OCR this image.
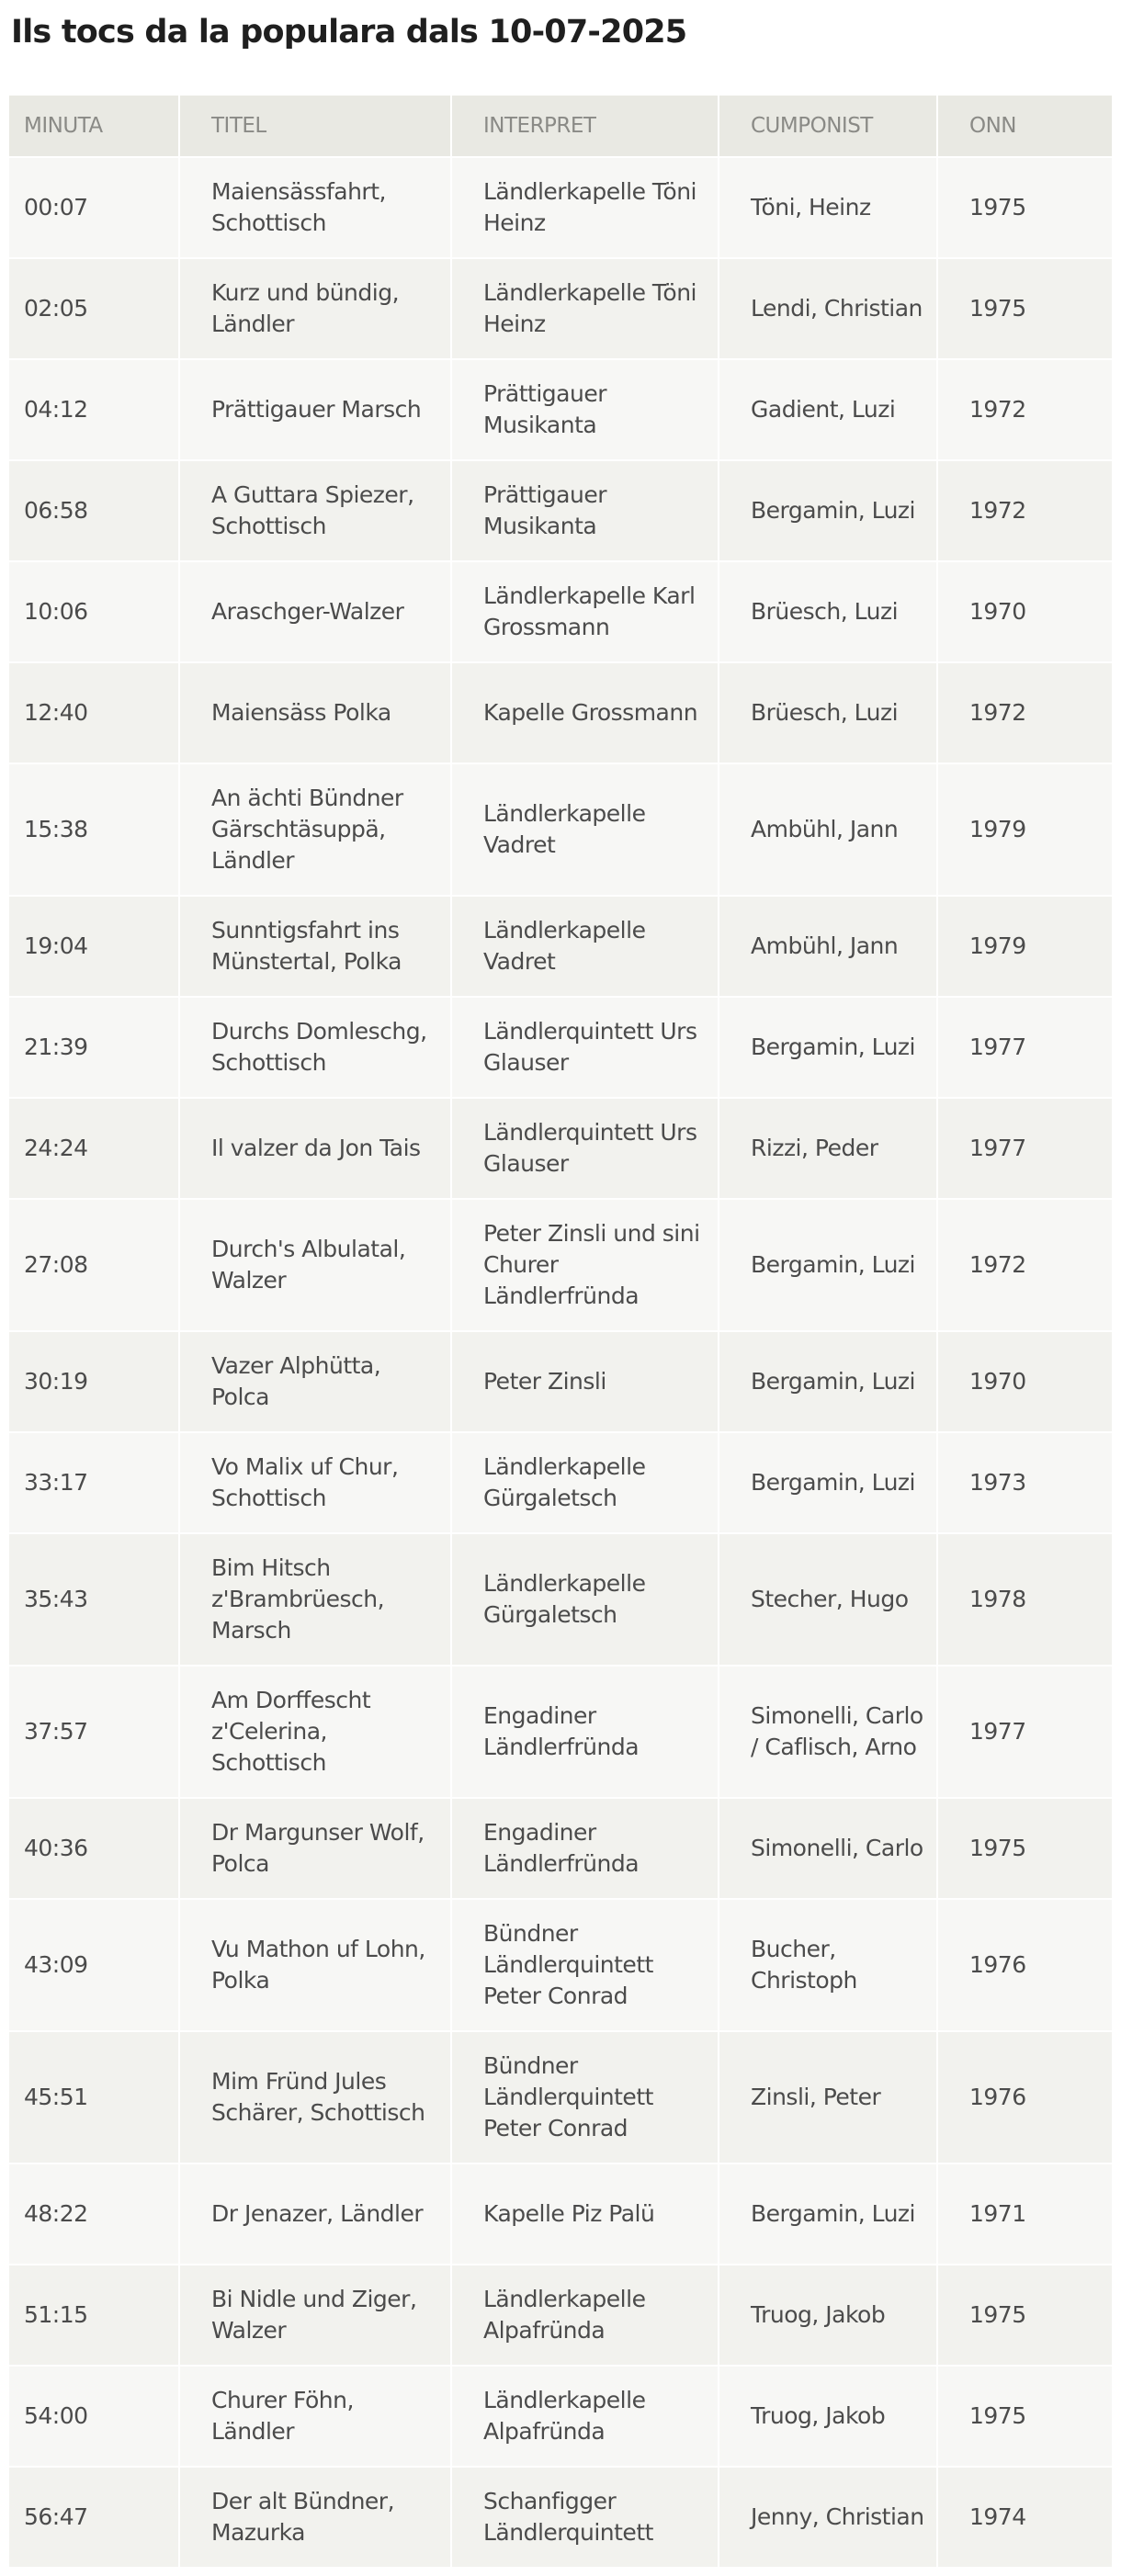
Ils tocs da la populara dals 10-07-2025
MINUTA	TITEL	INTERPRET	CUMPONIST	ONN
00:07	Maiensässfahrt, Schottisch	Ländlerkapelle Töni Heinz	Töni, Heinz	1975
02:05	Kurz und bündig, Ländler	Ländlerkapelle Töni Heinz	Lendi, Christian	1975
04:12	Prättigauer Marsch	Prättigauer Musikanta	Gadient, Luzi	1972
06:58	A Guttara Spiezer, Schottisch	Prättigauer Musikanta	Bergamin, Luzi	1972
10:06	Araschger-Walzer	Ländlerkapelle Karl Grossmann	Brüesch, Luzi	1970
12:40	Maiensäss Polka	Kapelle Grossmann	Brüesch, Luzi	1972
15:38	An ächti Bündner Gärschtäsuppä, Ländler	Ländlerkapelle Vadret	Ambühl, Jann	1979
19:04	Sunntigsfahrt ins Münstertal, Polka	Ländlerkapelle Vadret	Ambühl, Jann	1979
21:39	Durchs Domleschg, Schottisch	Ländlerquintett Urs Glauser	Bergamin, Luzi	1977
24:24	Il valzer da Jon Tais	Ländlerquintett Urs Glauser	Rizzi, Peder	1977
27:08	Durch's Albulatal, Walzer	Peter Zinsli und sini Churer Ländlerfründa	Bergamin, Luzi	1972
30:19	Vazer Alphütta, Polca	Peter Zinsli	Bergamin, Luzi	1970
33:17	Vo Malix uf Chur, Schottisch	Ländlerkapelle Gürgaletsch	Bergamin, Luzi	1973
35:43	Bim Hitsch z'Brambrüesch, Marsch	Ländlerkapelle Gürgaletsch	Stecher, Hugo	1978
37:57	Am Dorffescht z'Celerina, Schottisch	Engadiner Ländlerfründa	Simonelli, Carlo / Caflisch, Arno	1977
40:36	Dr Margunser Wolf, Polca	Engadiner Ländlerfründa	Simonelli, Carlo	1975
43:09	Vu Mathon uf Lohn, Polka	Bündner Ländlerquintett Peter Conrad	Bucher, Christoph	1976
45:51	Mim Fründ Jules Schärer, Schottisch	Bündner Ländlerquintett Peter Conrad	Zinsli, Peter	1976
48:22	Dr Jenazer, Ländler	Kapelle Piz Palü	Bergamin, Luzi	1971
51:15	Bi Nidle und Ziger, Walzer	Ländlerkapelle Alpafründa	Truog, Jakob	1975
54:00	Churer Föhn, Ländler	Ländlerkapelle Alpafründa	Truog, Jakob	1975
56:47	Der alt Bündner, Mazurka	Schanfigger Ländlerquintett	Jenny, Christian	1974
